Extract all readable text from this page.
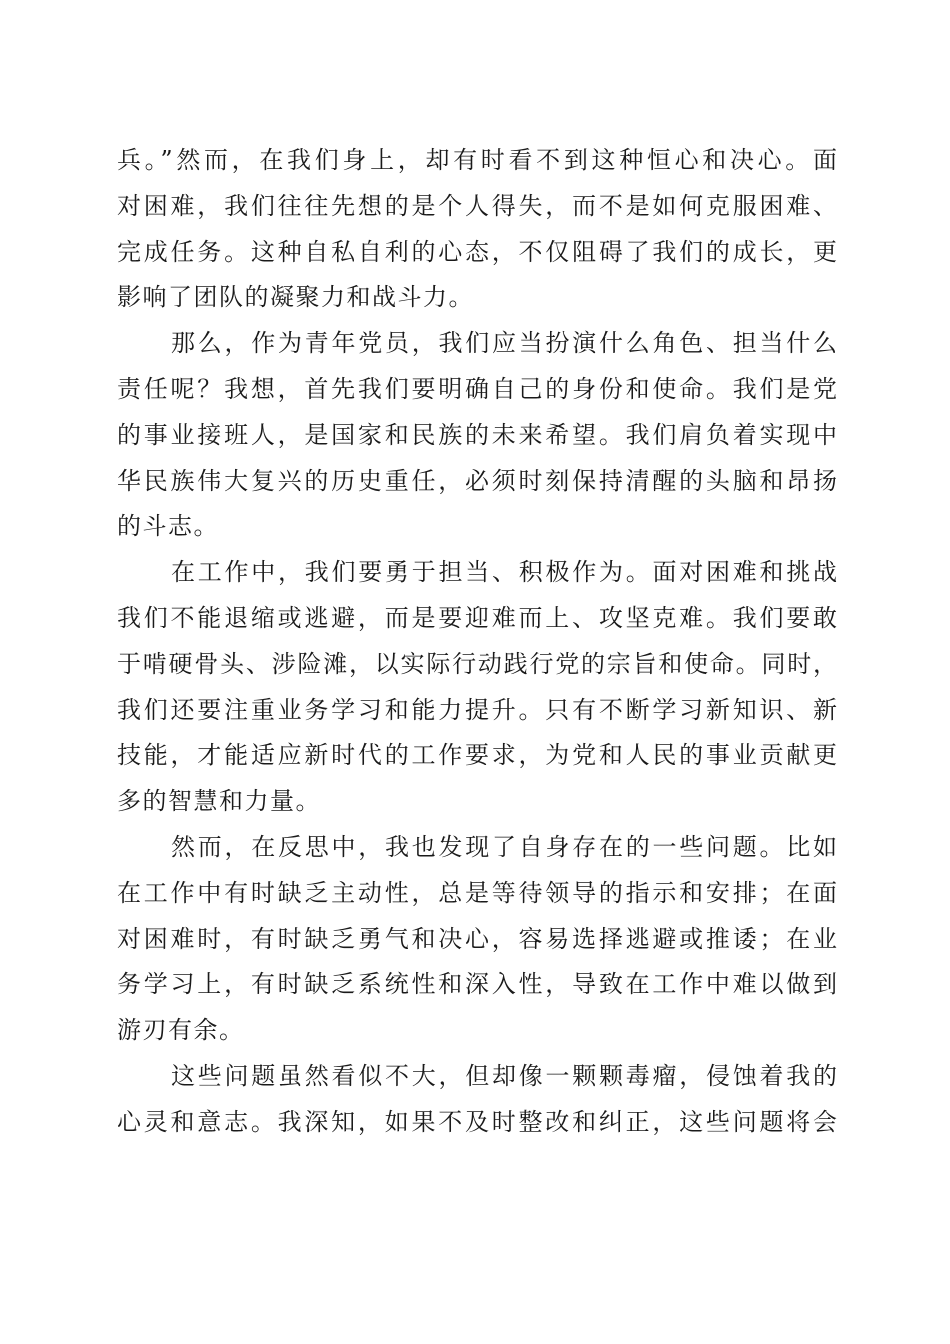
兵。”然而，在我们身上，却有时看不到这种恒心和决心。面
对困难，我们往往先想的是个人得失，而不是如何克服困难、
完成任务。这种自私自利的心态，不仅阻碍了我们的成长，更
影响了团队的凝聚力和战斗力。
那么，作为青年党员，我们应当扮演什么角色、担当什么
责任呢？我想，首先我们要明确自己的身份和使命。我们是党
的事业接班人，是国家和民族的未来希望。我们肩负着实现中
华民族伟大复兴的历史重任，必须时刻保持清醒的头脑和昂扬
的斗志。
在工作中，我们要勇于担当、积极作为。面对困难和挑战
我们不能退缩或逃避，而是要迎难而上、攻坚克难。我们要敢
于啃硬骨头、涉险滩，以实际行动践行党的宗旨和使命。同时，
我们还要注重业务学习和能力提升。只有不断学习新知识、新
技能，才能适应新时代的工作要求，为党和人民的事业贡献更
多的智慧和力量。
然而，在反思中，我也发现了自身存在的一些问题。比如
在工作中有时缺乏主动性，总是等待领导的指示和安排；在面
对困难时，有时缺乏勇气和决心，容易选择逃避或推诿；在业
务学习上，有时缺乏系统性和深入性，导致在工作中难以做到
游刃有余。
这些问题虽然看似不大，但却像一颗颗毒瘤，侵蚀着我的
心灵和意志。我深知，如果不及时整改和纠正，这些问题将会
